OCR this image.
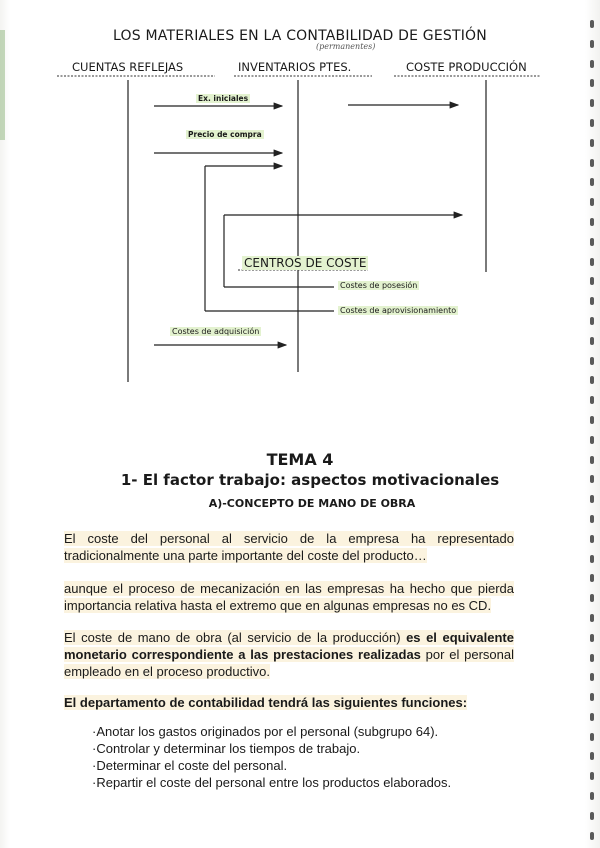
LOS MATERIALES EN LA CONTABILIDAD DE GESTIÓN
(permanentes)
CUENTAS REFLEJAS	INVENTARIOS PTES.	COSTE PRODUCCIÓN
Ex. iniciales
Precio de compra
CENTROS DE COSTE
Costes de posesión
Costes de aprovisionamiento
Costes de adquisición
TEMA 4
1- El factor trabajo: aspectos motivacionales
A)-CONCEPTO DE MANO DE OBRA
El coste del personal al servicio de la empresa ha representado tradicionalmente una parte importante del coste del producto…
aunque el proceso de mecanización en las empresas ha hecho que pierda importancia relativa hasta el extremo que en algunas empresas no es CD.
El coste de mano de obra (al servicio de la producción) es el equivalente monetario correspondiente a las prestaciones realizadas por el personal empleado en el proceso productivo.
El departamento de contabilidad tendrá las siguientes funciones:
·Anotar los gastos originados por el personal (subgrupo 64).
·Controlar y determinar los tiempos de trabajo.
·Determinar el coste del personal.
·Repartir el coste del personal entre los productos elaborados.
